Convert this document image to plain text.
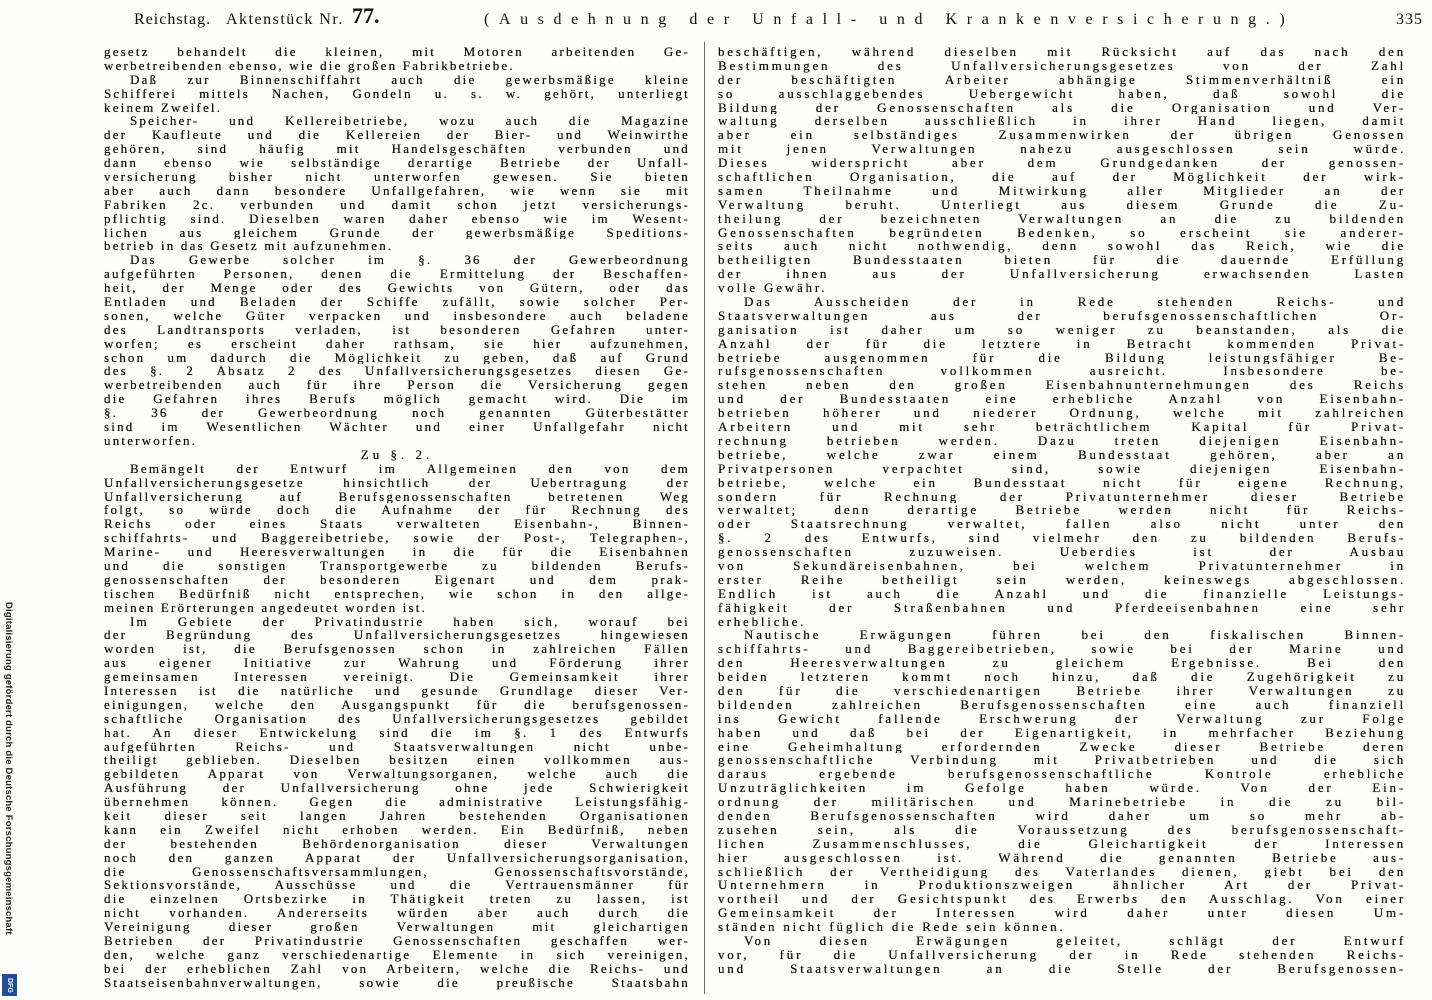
Digitalisierung gefördert durch die Deutsche Forschungsgemeinschaft
DFG
Reichstag. Aktenstück Nr. 77.	(Ausdehnung der Unfall- und Krankenversicherung.)	335
gesetz behandelt die kleinen, mit Motoren arbeitenden Ge-
werbetreibenden ebenso, wie die großen Fabrikbetriebe.
Daß zur Binnenschiffahrt auch die gewerbsmäßige kleine
Schifferei mittels Nachen, Gondeln u. s. w. gehört, unterliegt
keinem Zweifel.
Speicher- und Kellereibetriebe, wozu auch die Magazine
der Kaufleute und die Kellereien der Bier- und Weinwirthe
gehören, sind häufig mit Handelsgeschäften verbunden und
dann ebenso wie selbständige derartige Betriebe der Unfall-
versicherung bisher nicht unterworfen gewesen. Sie bieten
aber auch dann besondere Unfallgefahren, wie wenn sie mit
Fabriken 2c. verbunden und damit schon jetzt versicherungs-
pflichtig sind. Dieselben waren daher ebenso wie im Wesent-
lichen aus gleichem Grunde der gewerbsmäßige Speditions-
betrieb in das Gesetz mit aufzunehmen.
Das Gewerbe solcher im §. 36 der Gewerbeordnung
aufgeführten Personen, denen die Ermittelung der Beschaffen-
heit, der Menge oder des Gewichts von Gütern, oder das
Entladen und Beladen der Schiffe zufällt, sowie solcher Per-
sonen, welche Güter verpacken und insbesondere auch beladene
des Landtransports verladen, ist besonderen Gefahren unter-
worfen; es erscheint daher rathsam, sie hier aufzunehmen,
schon um dadurch die Möglichkeit zu geben, daß auf Grund
des §. 2 Absatz 2 des Unfallversicherungsgesetzes diesen Ge-
werbetreibenden auch für ihre Person die Versicherung gegen
die Gefahren ihres Berufs möglich gemacht wird. Die im
§. 36 der Gewerbeordnung noch genannten Güterbestätter
sind im Wesentlichen Wächter und einer Unfallgefahr nicht
unterworfen.
Zu §. 2.
Bemängelt der Entwurf im Allgemeinen den von dem
Unfallversicherungsgesetze hinsichtlich der Uebertragung der
Unfallversicherung auf Berufsgenossenschaften betretenen Weg
folgt, so würde doch die Aufnahme der für Rechnung des
Reichs oder eines Staats verwalteten Eisenbahn-, Binnen-
schiffahrts- und Baggereibetriebe, sowie der Post-, Telegraphen-,
Marine- und Heeresverwaltungen in die für die Eisenbahnen
und die sonstigen Transportgewerbe zu bildenden Berufs-
genossenschaften der besonderen Eigenart und dem prak-
tischen Bedürfniß nicht entsprechen, wie schon in den allge-
meinen Erörterungen angedeutet worden ist.
Im Gebiete der Privatindustrie haben sich, worauf bei
der Begründung des Unfallversicherungsgesetzes hingewiesen
worden ist, die Berufsgenossen schon in zahlreichen Fällen
aus eigener Initiative zur Wahrung und Förderung ihrer
gemeinsamen Interessen vereinigt. Die Gemeinsamkeit ihrer
Interessen ist die natürliche und gesunde Grundlage dieser Ver-
einigungen, welche den Ausgangspunkt für die berufsgenossen-
schaftliche Organisation des Unfallversicherungsgesetzes gebildet
hat. An dieser Entwickelung sind die im §. 1 des Entwurfs
aufgeführten Reichs- und Staatsverwaltungen nicht unbe-
theiligt geblieben. Dieselben besitzen einen vollkommen aus-
gebildeten Apparat von Verwaltungsorganen, welche auch die
Ausführung der Unfallversicherung ohne jede Schwierigkeit
übernehmen können. Gegen die administrative Leistungsfähig-
keit dieser seit langen Jahren bestehenden Organisationen
kann ein Zweifel nicht erhoben werden. Ein Bedürfniß, neben
der bestehenden Behördenorganisation dieser Verwaltungen
noch den ganzen Apparat der Unfallversicherungsorganisation,
die Genossenschaftsversammlungen, Genossenschaftsvorstände,
Sektionsvorstände, Ausschüsse und die Vertrauensmänner für
die einzelnen Ortsbezirke in Thätigkeit treten zu lassen, ist
nicht vorhanden. Andererseits würden aber auch durch die
Vereinigung dieser großen Verwaltungen mit gleichartigen
Betrieben der Privatindustrie Genossenschaften geschaffen wer-
den, welche ganz verschiedenartige Elemente in sich vereinigen,
bei der erheblichen Zahl von Arbeitern, welche die Reichs- und
Staatseisenbahnverwaltungen, sowie die preußische Staatsbahn
beschäftigen, während dieselben mit Rücksicht auf das nach den
Bestimmungen des Unfallversicherungsgesetzes von der Zahl
der beschäftigten Arbeiter abhängige Stimmenverhältniß ein
so ausschlaggebendes Uebergewicht haben, daß sowohl die
Bildung der Genossenschaften als die Organisation und Ver-
waltung derselben ausschließlich in ihrer Hand liegen, damit
aber ein selbständiges Zusammenwirken der übrigen Genossen
mit jenen Verwaltungen nahezu ausgeschlossen sein würde.
Dieses widerspricht aber dem Grundgedanken der genossen-
schaftlichen Organisation, die auf der Möglichkeit der wirk-
samen Theilnahme und Mitwirkung aller Mitglieder an der
Verwaltung beruht. Unterliegt aus diesem Grunde die Zu-
theilung der bezeichneten Verwaltungen an die zu bildenden
Genossenschaften begründeten Bedenken, so erscheint sie anderer-
seits auch nicht nothwendig, denn sowohl das Reich, wie die
betheiligten Bundesstaaten bieten für die dauernde Erfüllung
der ihnen aus der Unfallversicherung erwachsenden Lasten
volle Gewähr.
Das Ausscheiden der in Rede stehenden Reichs- und
Staatsverwaltungen aus der berufsgenossenschaftlichen Or-
ganisation ist daher um so weniger zu beanstanden, als die
Anzahl der für die letztere in Betracht kommenden Privat-
betriebe ausgenommen für die Bildung leistungsfähiger Be-
rufsgenossenschaften vollkommen ausreicht. Insbesondere be-
stehen neben den großen Eisenbahnunternehmungen des Reichs
und der Bundesstaaten eine erhebliche Anzahl von Eisenbahn-
betrieben höherer und niederer Ordnung, welche mit zahlreichen
Arbeitern und mit sehr beträchtlichem Kapital für Privat-
rechnung betrieben werden. Dazu treten diejenigen Eisenbahn-
betriebe, welche zwar einem Bundesstaat gehören, aber an
Privatpersonen verpachtet sind, sowie diejenigen Eisenbahn-
betriebe, welche ein Bundesstaat nicht für eigene Rechnung,
sondern für Rechnung der Privatunternehmer dieser Betriebe
verwaltet; denn derartige Betriebe werden nicht für Reichs-
oder Staatsrechnung verwaltet, fallen also nicht unter den
§. 2 des Entwurfs, sind vielmehr den zu bildenden Berufs-
genossenschaften zuzuweisen. Ueberdies ist der Ausbau
von Sekundäreisenbahnen, bei welchem Privatunternehmer in
erster Reihe betheiligt sein werden, keineswegs abgeschlossen.
Endlich ist auch die Anzahl und die finanzielle Leistungs-
fähigkeit der Straßenbahnen und Pferdeeisenbahnen eine sehr
erhebliche.
Nautische Erwägungen führen bei den fiskalischen Binnen-
schiffahrts- und Baggereibetrieben, sowie bei der Marine und
den Heeresverwaltungen zu gleichem Ergebnisse. Bei den
beiden letzteren kommt noch hinzu, daß die Zugehörigkeit zu
den für die verschiedenartigen Betriebe ihrer Verwaltungen zu
bildenden zahlreichen Berufsgenossenschaften eine auch finanziell
ins Gewicht fallende Erschwerung der Verwaltung zur Folge
haben und daß bei der Eigenartigkeit, in mehrfacher Beziehung
eine Geheimhaltung erfordernden Zwecke dieser Betriebe deren
genossenschaftliche Verbindung mit Privatbetrieben und die sich
daraus ergebende berufsgenossenschaftliche Kontrole erhebliche
Unzuträglichkeiten im Gefolge haben würde. Von der Ein-
ordnung der militärischen und Marinebetriebe in die zu bil-
denden Berufsgenossenschaften wird daher um so mehr ab-
zusehen sein, als die Voraussetzung des berufsgenossenschaft-
lichen Zusammenschlusses, die Gleichartigkeit der Interessen
hier ausgeschlossen ist. Während die genannten Betriebe aus-
schließlich der Vertheidigung des Vaterlandes dienen, giebt bei den
Unternehmern in Produktionszweigen ähnlicher Art der Privat-
vortheil und der Gesichtspunkt des Erwerbs den Ausschlag. Von einer
Gemeinsamkeit der Interessen wird daher unter diesen Um-
ständen nicht füglich die Rede sein können.
Von diesen Erwägungen geleitet, schlägt der Entwurf
vor, für die Unfallversicherung der in Rede stehenden Reichs-
und Staatsverwaltungen an die Stelle der Berufsgenossen-
